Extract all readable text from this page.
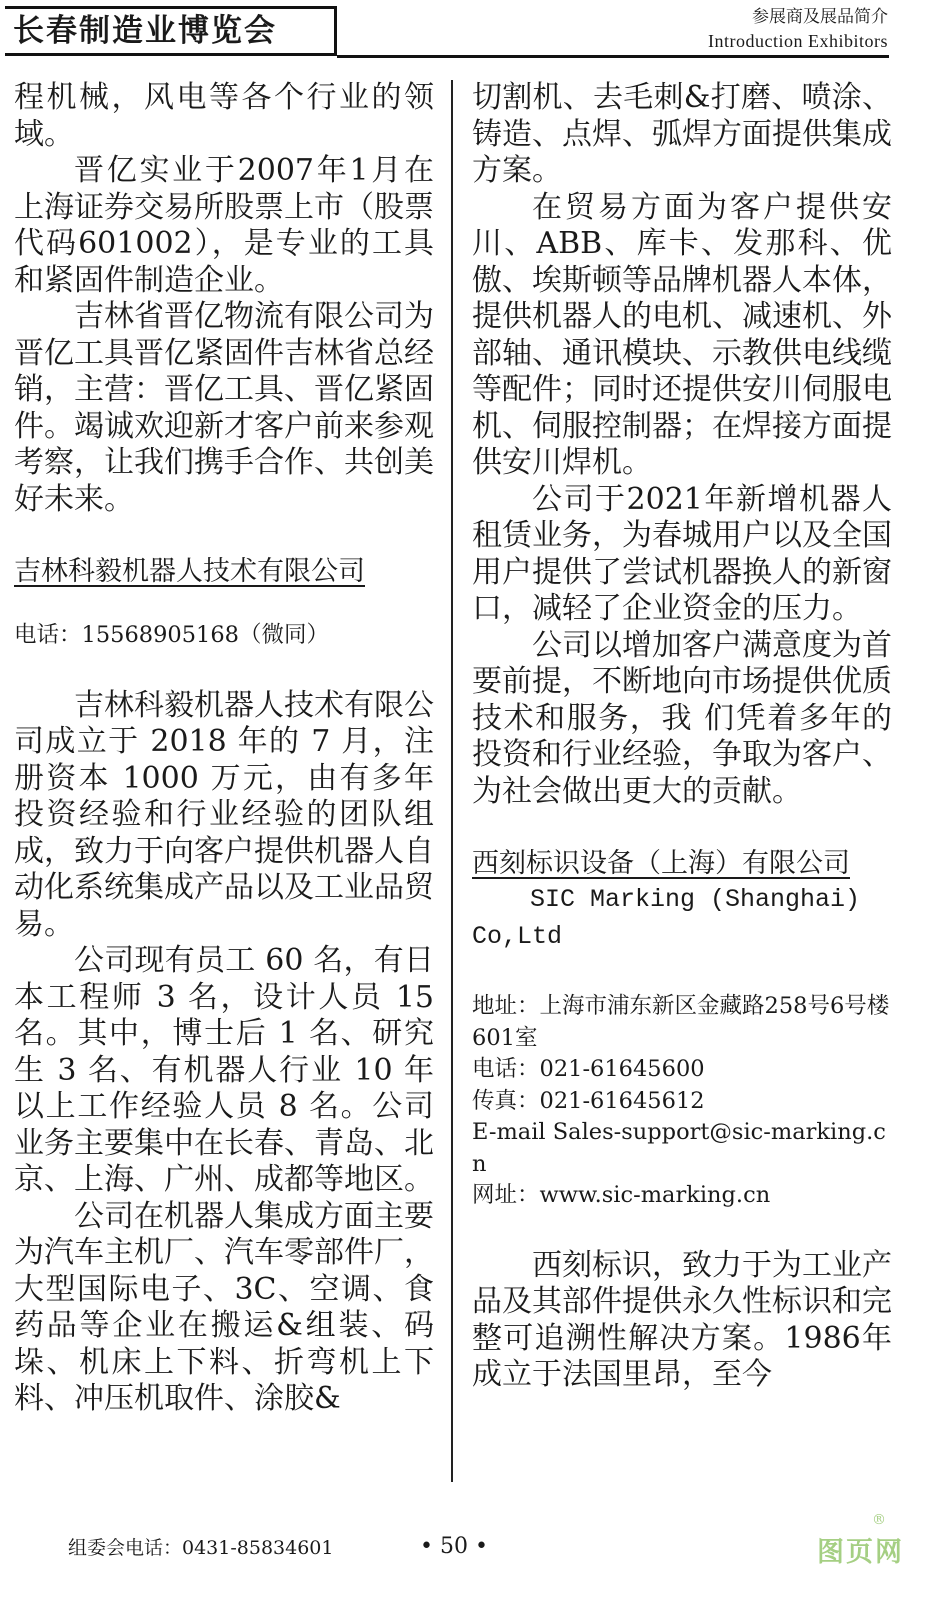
长春制造业博览会	参展商及展品简介
Introduction Exhibitors

程机械，风电等各个行业的领域。

晋亿实业于2007年1月在上海证券交易所股票上市（股票代码601002），是专业的工具和紧固件制造企业。

吉林省晋亿物流有限公司为晋亿工具晋亿紧固件吉林省总经销，主营：晋亿工具、晋亿紧固件。竭诚欢迎新才客户前来参观考察，让我们携手合作、共创美好未来。

吉林科毅机器人技术有限公司

电话：15568905168（微同）

吉林科毅机器人技术有限公司成立于 2018 年的 7 月，注册资本 1000 万元，由有多年投资经验和行业经验的团队组成，致力于向客户提供机器人自动化系统集成产品以及工业品贸易。

公司现有员工 60 名，有日本工程师 3 名，设计人员 15 名。其中，博士后 1 名、研究生 3 名、有机器人行业 10 年以上工作经验人员 8 名。公司业务主要集中在长春、青岛、北京、上海、广州、成都等地区。

公司在机器人集成方面主要为汽车主机厂、汽车零部件厂，大型国际电子、3C、空调、食药品等企业在搬运&组装、码垛、机床上下料、折弯机上下料、冲压机取件、涂胶&

切割机、去毛刺&打磨、喷涂、铸造、点焊、弧焊方面提供集成方案。

在贸易方面为客户提供安川、ABB、库卡、发那科、优傲、埃斯顿等品牌机器人本体，提供机器人的电机、减速机、外部轴、通讯模块、示教供电线缆等配件；同时还提供安川伺服电机、伺服控制器；在焊接方面提供安川焊机。

公司于2021年新增机器人租赁业务，为春城用户以及全国用户提供了尝试机器换人的新窗口，减轻了企业资金的压力。

公司以增加客户满意度为首要前提，不断地向市场提供优质技术和服务，我 们凭着多年的投资和行业经验，争取为客户、为社会做出更大的贡献。

西刻标识设备（上海）有限公司

SIC Marking (Shanghai)

Co,Ltd

地址：上海市浦东新区金藏路258号6号楼601室

电话：021-61645600

传真：021-61645612

E-mail Sales-support@sic-marking.cn

网址：www.sic-marking.cn

西刻标识，致力于为工业产品及其部件提供永久性标识和完整可追溯性解决方案。1986年成立于法国里昂，至今

组委会电话：0431-85834601	• 50 •	图页网
®
